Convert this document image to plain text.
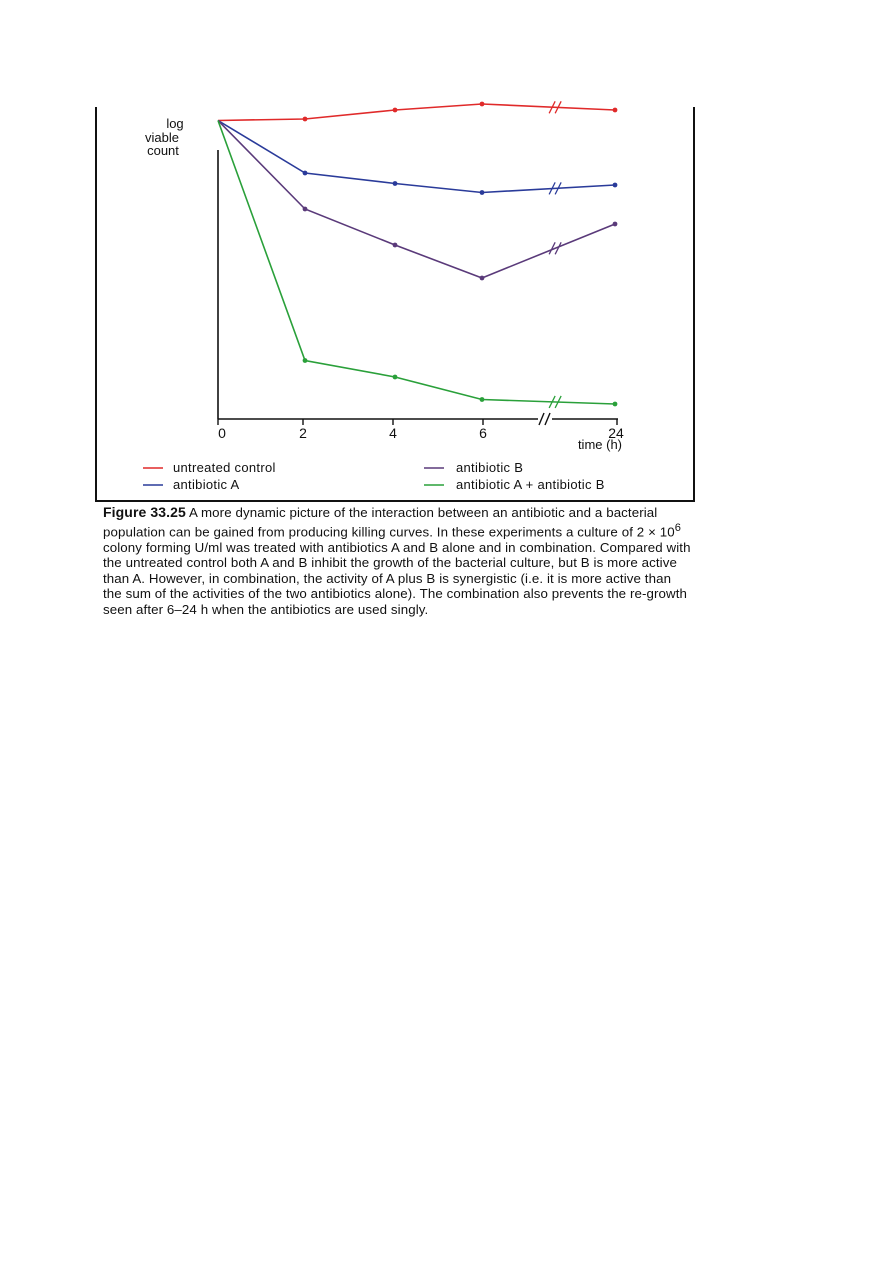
log
viable
count
0	2	4	6	24
time (h)
untreated control
antibiotic A
antibiotic B
antibiotic A + antibiotic B
Figure 33.25 A more dynamic picture of the interaction between an antibiotic and a bacterial population can be gained from producing killing curves. In these experiments a culture of $2 \times 10^6$ colony forming U/ml was treated with antibiotics A and B alone and in combination. Compared with the untreated control both A and B inhibit the growth of the bacterial culture, but B is more active than A. However, in combination, the activity of A plus B is synergistic (i.e. it is more active than the sum of the activities of the two antibiotics alone). The combination also prevents the re-growth seen after 6–24 h when the antibiotics are used singly.
